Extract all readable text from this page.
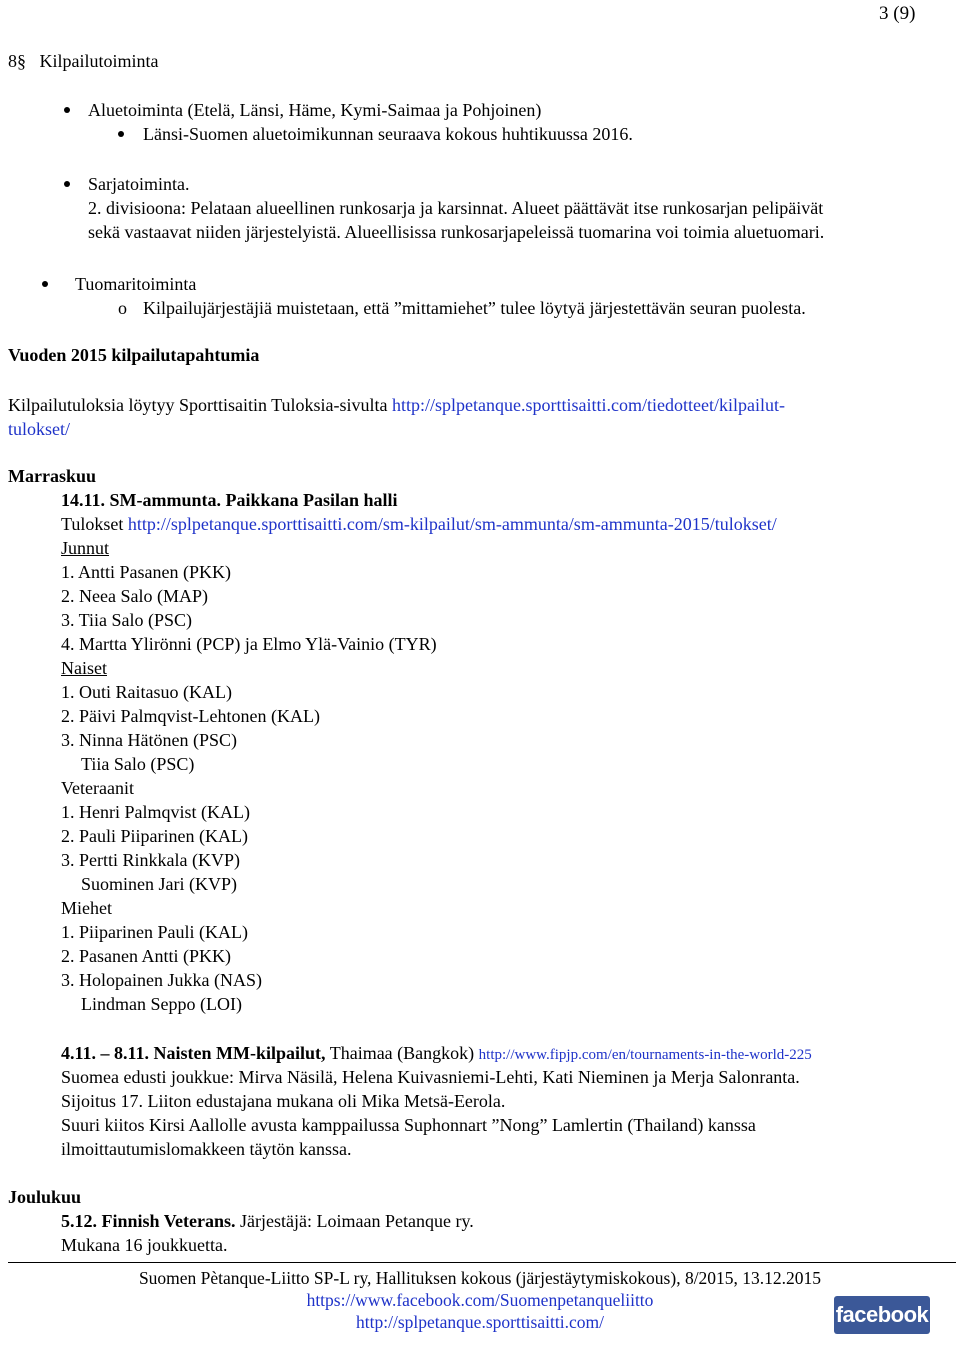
3 (9)
8§ Kilpailutoiminta
Aluetoiminta (Etelä, Länsi, Häme, Kymi-Saimaa ja Pohjoinen)
Länsi-Suomen aluetoimikunnan seuraava kokous huhtikuussa 2016.
Sarjatoiminta.
2. divisioona: Pelataan alueellinen runkosarja ja karsinnat. Alueet päättävät itse runkosarjan pelipäivät
sekä vastaavat niiden järjestelyistä. Alueellisissa runkosarjapeleissä tuomarina voi toimia aluetuomari.
Tuomaritoiminta
o Kilpailujärjestäjiä muistetaan, että ”mittamiehet” tulee löytyä järjestettävän seuran puolesta.
Vuoden 2015 kilpailutapahtumia
Kilpailutuloksia löytyy Sporttisaitin Tuloksia-sivulta http://splpetanque.sporttisaitti.com/tiedotteet/kilpailut-
tulokset/
Marraskuu
14.11. SM-ammunta. Paikkana Pasilan halli
Tulokset http://splpetanque.sporttisaitti.com/sm-kilpailut/sm-ammunta/sm-ammunta-2015/tulokset/
Junnut
1. Antti Pasanen (PKK)
2. Neea Salo (MAP)
3. Tiia Salo (PSC)
4. Martta Ylirönni (PCP) ja Elmo Ylä-Vainio (TYR)
Naiset
1. Outi Raitasuo (KAL)
2. Päivi Palmqvist-Lehtonen (KAL)
3. Ninna Hätönen (PSC)
Tiia Salo (PSC)
Veteraanit
1. Henri Palmqvist (KAL)
2. Pauli Piiparinen (KAL)
3. Pertti Rinkkala (KVP)
Suominen Jari (KVP)
Miehet
1. Piiparinen Pauli (KAL)
2. Pasanen Antti (PKK)
3. Holopainen Jukka (NAS)
Lindman Seppo (LOI)
4.11. – 8.11. Naisten MM-kilpailut, Thaimaa (Bangkok) http://www.fipjp.com/en/tournaments-in-the-world-225
Suomea edusti joukkue: Mirva Näsilä, Helena Kuivasniemi-Lehti, Kati Nieminen ja Merja Salonranta.
Sijoitus 17. Liiton edustajana mukana oli Mika Metsä-Eerola.
Suuri kiitos Kirsi Aallolle avusta kamppailussa Suphonnart ”Nong” Lamlertin (Thailand) kanssa
ilmoittautumislomakkeen täytön kanssa.
Joulukuu
5.12. Finnish Veterans. Järjestäjä: Loimaan Petanque ry.
Mukana 16 joukkuetta.
Suomen Pètanque-Liitto SP-L ry, Hallituksen kokous (järjestäytymiskokous), 8/2015, 13.12.2015
https://www.facebook.com/Suomenpetanqueliitto
http://splpetanque.sporttisaitti.com/	facebook
